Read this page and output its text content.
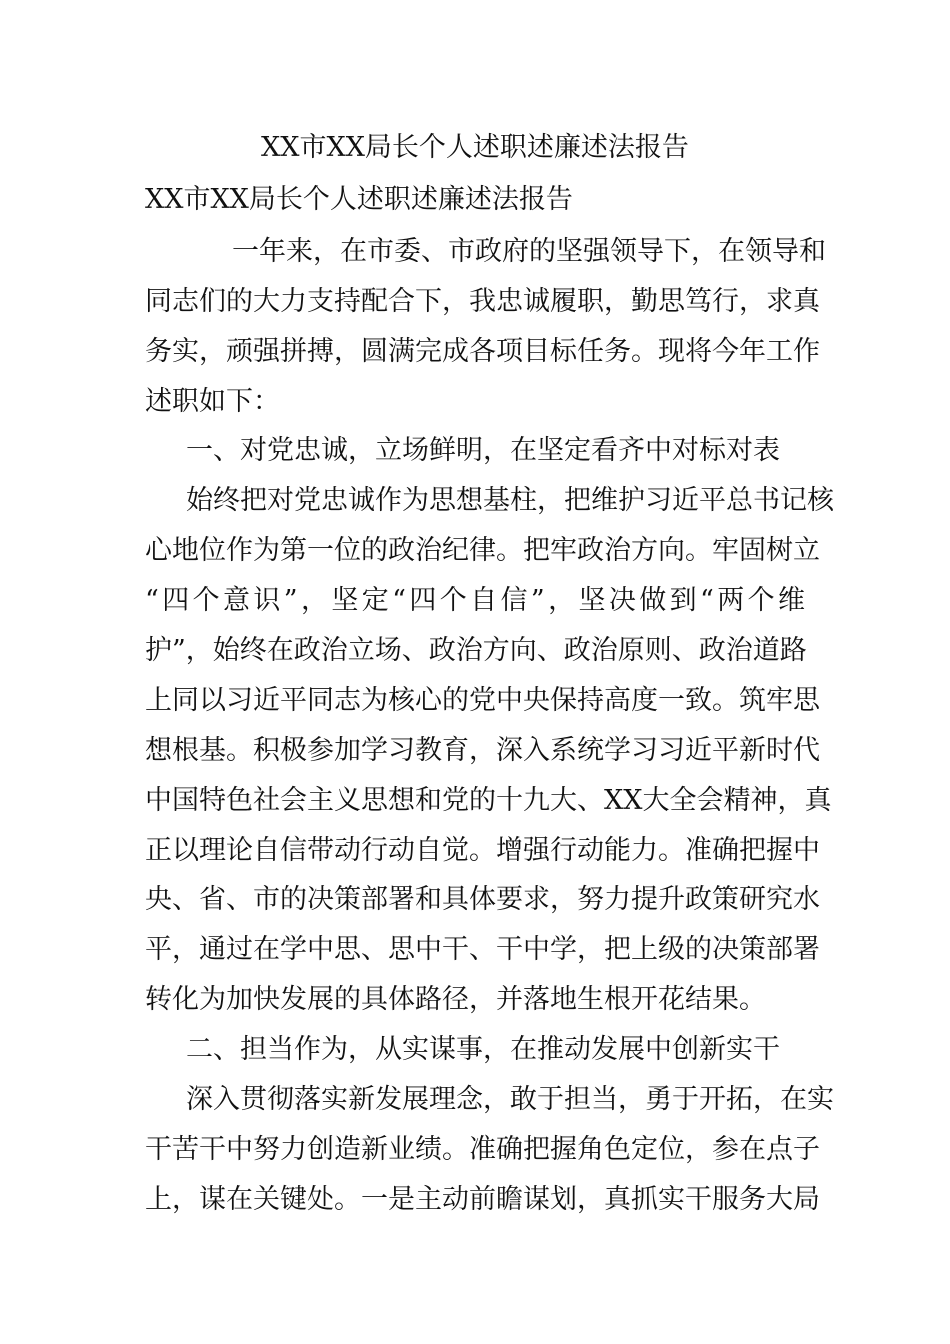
XX市XX局长个人述职述廉述法报告
XX市XX局长个人述职述廉述法报告
一年来，在市委、市政府的坚强领导下，在领导和
同志们的大力支持配合下，我忠诚履职，勤思笃行，求真
务实，顽强拼搏，圆满完成各项目标任务。现将今年工作
述职如下：
一、对党忠诚，立场鲜明，在坚定看齐中对标对表
始终把对党忠诚作为思想基柱，把维护习近平总书记核
心地位作为第一位的政治纪律。把牢政治方向。牢固树立
“四个意识”，坚定“四个自信”，坚决做到“两个维
护”，始终在政治立场、政治方向、政治原则、政治道路
上同以习近平同志为核心的党中央保持高度一致。筑牢思
想根基。积极参加学习教育，深入系统学习习近平新时代
中国特色社会主义思想和党的十九大、XX大全会精神，真
正以理论自信带动行动自觉。增强行动能力。准确把握中
央、省、市的决策部署和具体要求，努力提升政策研究水
平，通过在学中思、思中干、干中学，把上级的决策部署
转化为加快发展的具体路径，并落地生根开花结果。
二、担当作为，从实谋事，在推动发展中创新实干
深入贯彻落实新发展理念，敢于担当，勇于开拓，在实
干苦干中努力创造新业绩。准确把握角色定位，参在点子
上，谋在关键处。一是主动前瞻谋划，真抓实干服务大局
